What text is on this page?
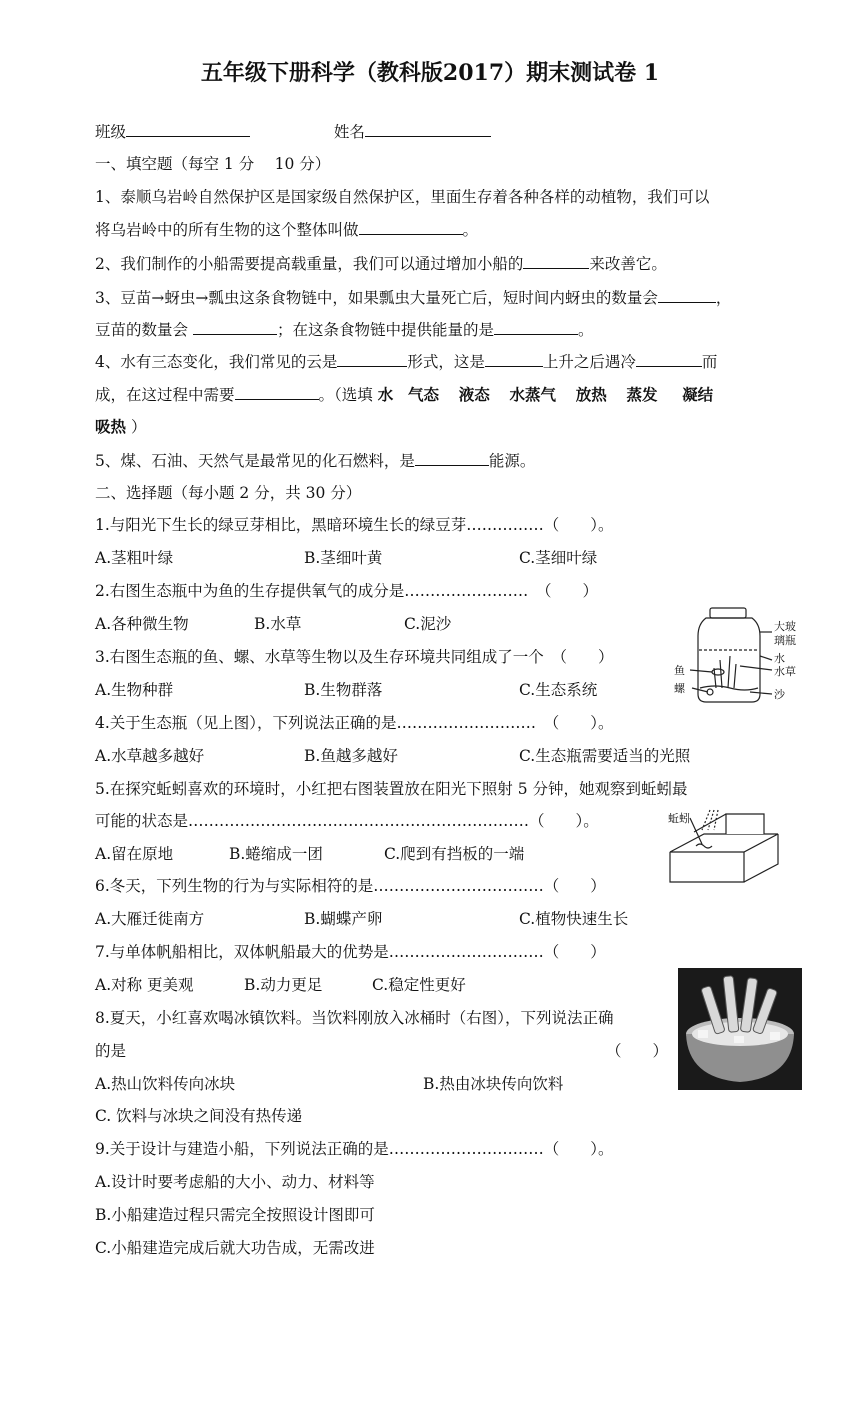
五年级下册科学（教科版2017）期末测试卷 1
班级	姓名
一、填空题（每空 1 分　 10 分）
1、泰顺乌岩岭自然保护区是国家级自然保护区，里面生存着各种各样的动植物，我们可以
将乌岩岭中的所有生物的这个整体叫做	。
2、我们制作的小船需要提高载重量，我们可以通过增加小船的	来改善它。
3、豆苗→蚜虫→瓢虫这条食物链中，如果瓢虫大量死亡后，短时间内蚜虫的数量会	，
豆苗的数量会	；在这条食物链中提供能量的是	。
4、水有三态变化，我们常见的云是	形式，这是	上升之后遇冷	而
成，在这过程中需要	。（选填 水 气态 液态 水蒸气 放热 蒸发 凝结
吸热 ）
5、煤、石油、天然气是最常见的化石燃料，是	能源。
二、选择题（每小题 2 分，共 30 分）
1.与阳光下生长的绿豆芽相比，黑暗环境生长的绿豆芽……………（　　）。
A.茎粗叶绿	B.茎细叶黄	C.茎细叶绿
2.右图生态瓶中为鱼的生存提供氧气的成分是……………………　（　　）
A.各种微生物	B.水草	C.泥沙
3.右图生态瓶的鱼、螺、水草等生物以及生存环境共同组成了一个　（　　）
A.生物种群	B.生物群落	C.生态系统
4.关于生态瓶（见上图），下列说法正确的是………………………　（　　）。
A.水草越多越好	B.鱼越多越好	C.生态瓶需要适当的光照
5.在探究蚯蚓喜欢的环境时，小红把右图装置放在阳光下照射 5 分钟，她观察到蚯蚓最
可能的状态是…………………………………………………………（　　）。
A.留在原地	B.蜷缩成一团	C.爬到有挡板的一端
6.冬天，下列生物的行为与实际相符的是……………………………（　　）
A.大雁迁徙南方	B.蝴蝶产卵	C.植物快速生长
7.与单体帆船相比，双体帆船最大的优势是…………………………（　　）
A.对称 更美观	B.动力更足	C.稳定性更好
8.夏天，小红喜欢喝冰镇饮料。当饮料刚放入冰桶时（右图），下列说法正确
的是	（　　）
A.热山饮料传向冰块	B.热由冰块传向饮料
C. 饮料与冰块之间没有热传递
9.关于设计与建造小船，下列说法正确的是…………………………（　　）。
A.设计时要考虑船的大小、动力、材料等
B.小船建造过程只需完全按照设计图即可
C.小船建造完成后就大功告成，无需改进
大玻
璃瓶
水
水草
沙
鱼
螺
蚯蚓
